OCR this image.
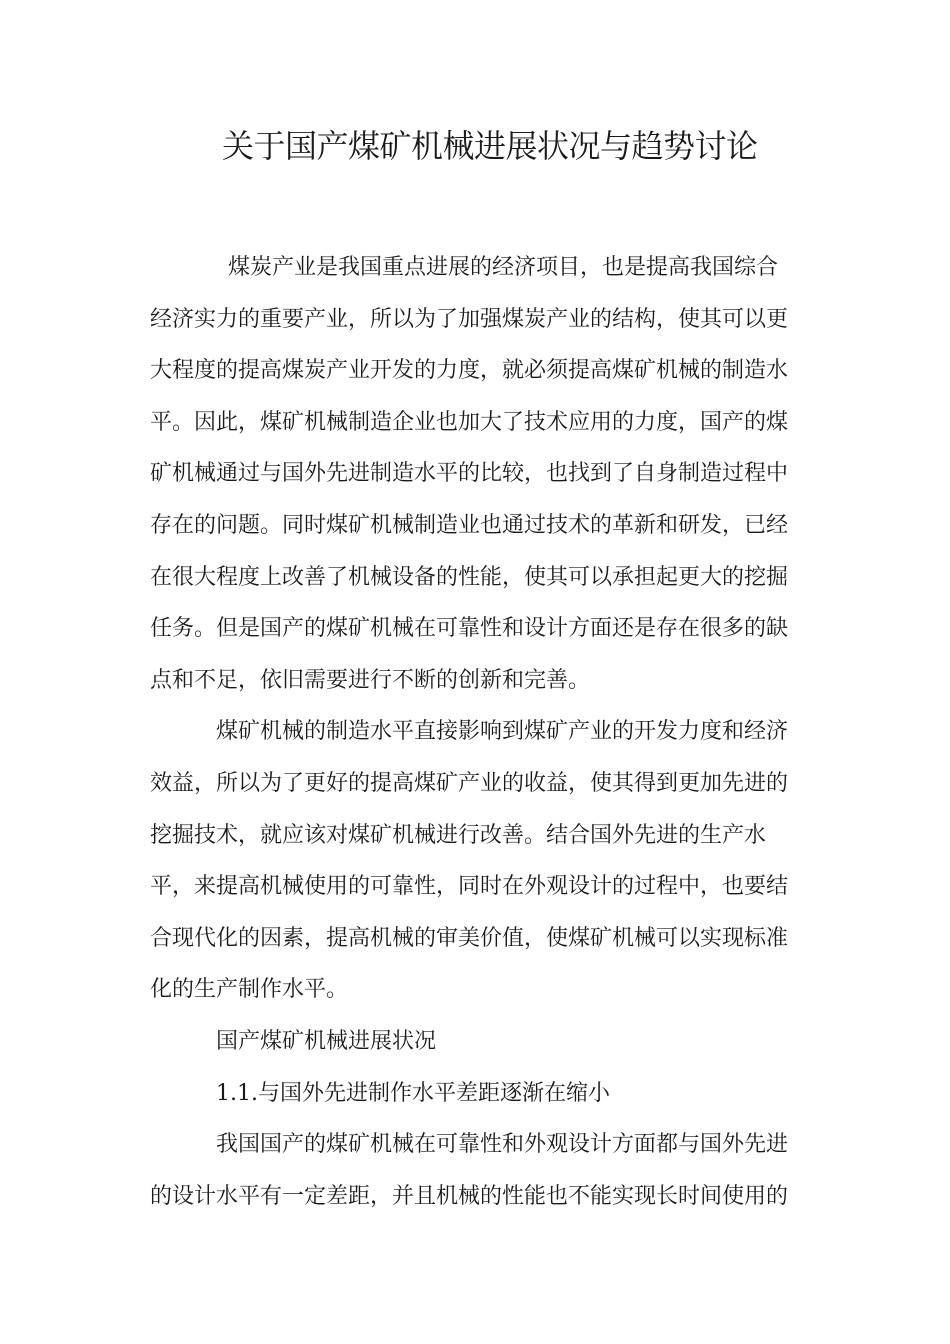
关于国产煤矿机械进展状况与趋势讨论
煤炭产业是我国重点进展的经济项目，也是提高我国综合
经济实力的重要产业，所以为了加强煤炭产业的结构，使其可以更
大程度的提高煤炭产业开发的力度，就必须提高煤矿机械的制造水
平。因此，煤矿机械制造企业也加大了技术应用的力度，国产的煤
矿机械通过与国外先进制造水平的比较，也找到了自身制造过程中
存在的问题。同时煤矿机械制造业也通过技术的革新和研发，已经
在很大程度上改善了机械设备的性能，使其可以承担起更大的挖掘
任务。但是国产的煤矿机械在可靠性和设计方面还是存在很多的缺
点和不足，依旧需要进行不断的创新和完善。
煤矿机械的制造水平直接影响到煤矿产业的开发力度和经济
效益，所以为了更好的提高煤矿产业的收益，使其得到更加先进的
挖掘技术，就应该对煤矿机械进行改善。结合国外先进的生产水
平，来提高机械使用的可靠性，同时在外观设计的过程中，也要结
合现代化的因素，提高机械的审美价值，使煤矿机械可以实现标准
化的生产制作水平。
国产煤矿机械进展状况
1.1.与国外先进制作水平差距逐渐在缩小
我国国产的煤矿机械在可靠性和外观设计方面都与国外先进
的设计水平有一定差距，并且机械的性能也不能实现长时间使用的
